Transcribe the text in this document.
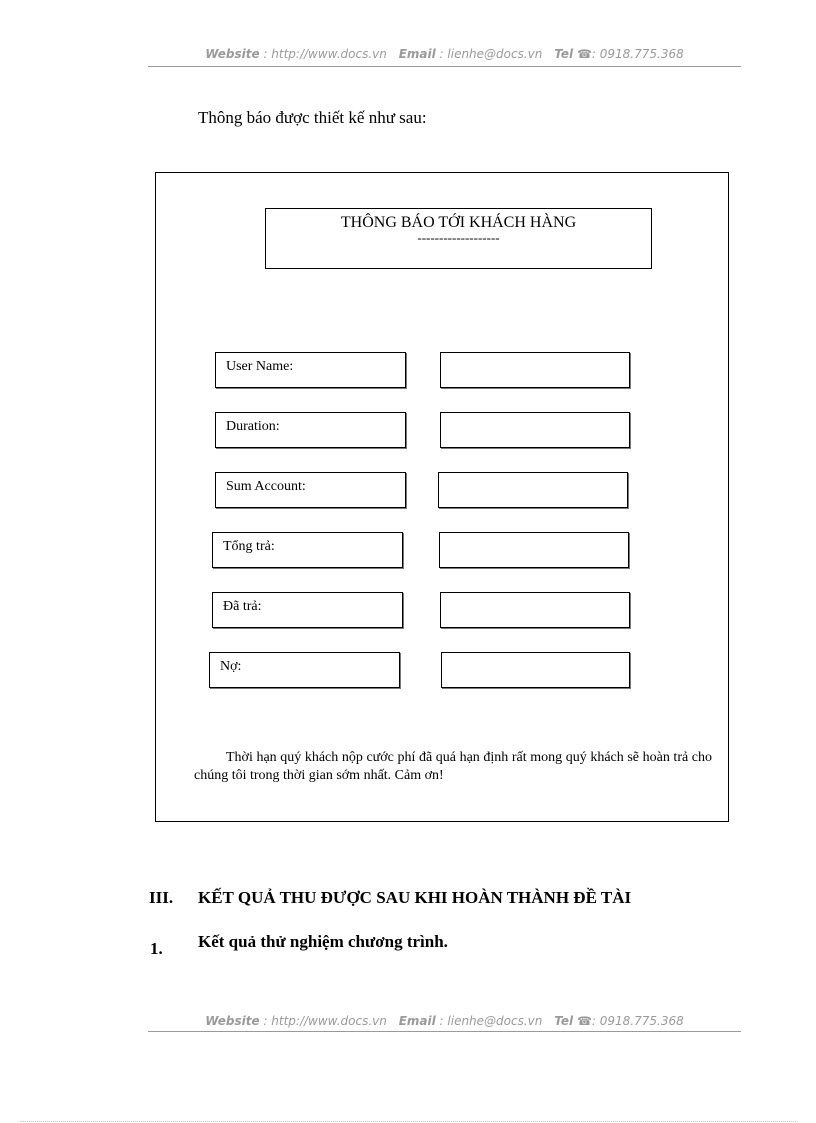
Website : http://www.docs.vn Email : lienhe@docs.vn Tel ☎: 0918.775.368
Thông báo được thiết kế như sau:
THÔNG BÁO TỚI KHÁCH HÀNG
-------------------
User Name:
Duration:
Sum Account:
Tổng trả:
Đã trả:
Nợ:
Thời hạn quý khách nộp cước phí đã quá hạn định rất mong quý khách sẽ hoàn trả cho chúng tôi trong thời gian sớm nhất. Cảm ơn!
III. KẾT QUẢ THU ĐƯỢC SAU KHI HOÀN THÀNH ĐỀ TÀI
1. Kết quả thử nghiệm chương trình.
Website : http://www.docs.vn Email : lienhe@docs.vn Tel ☎: 0918.775.368
